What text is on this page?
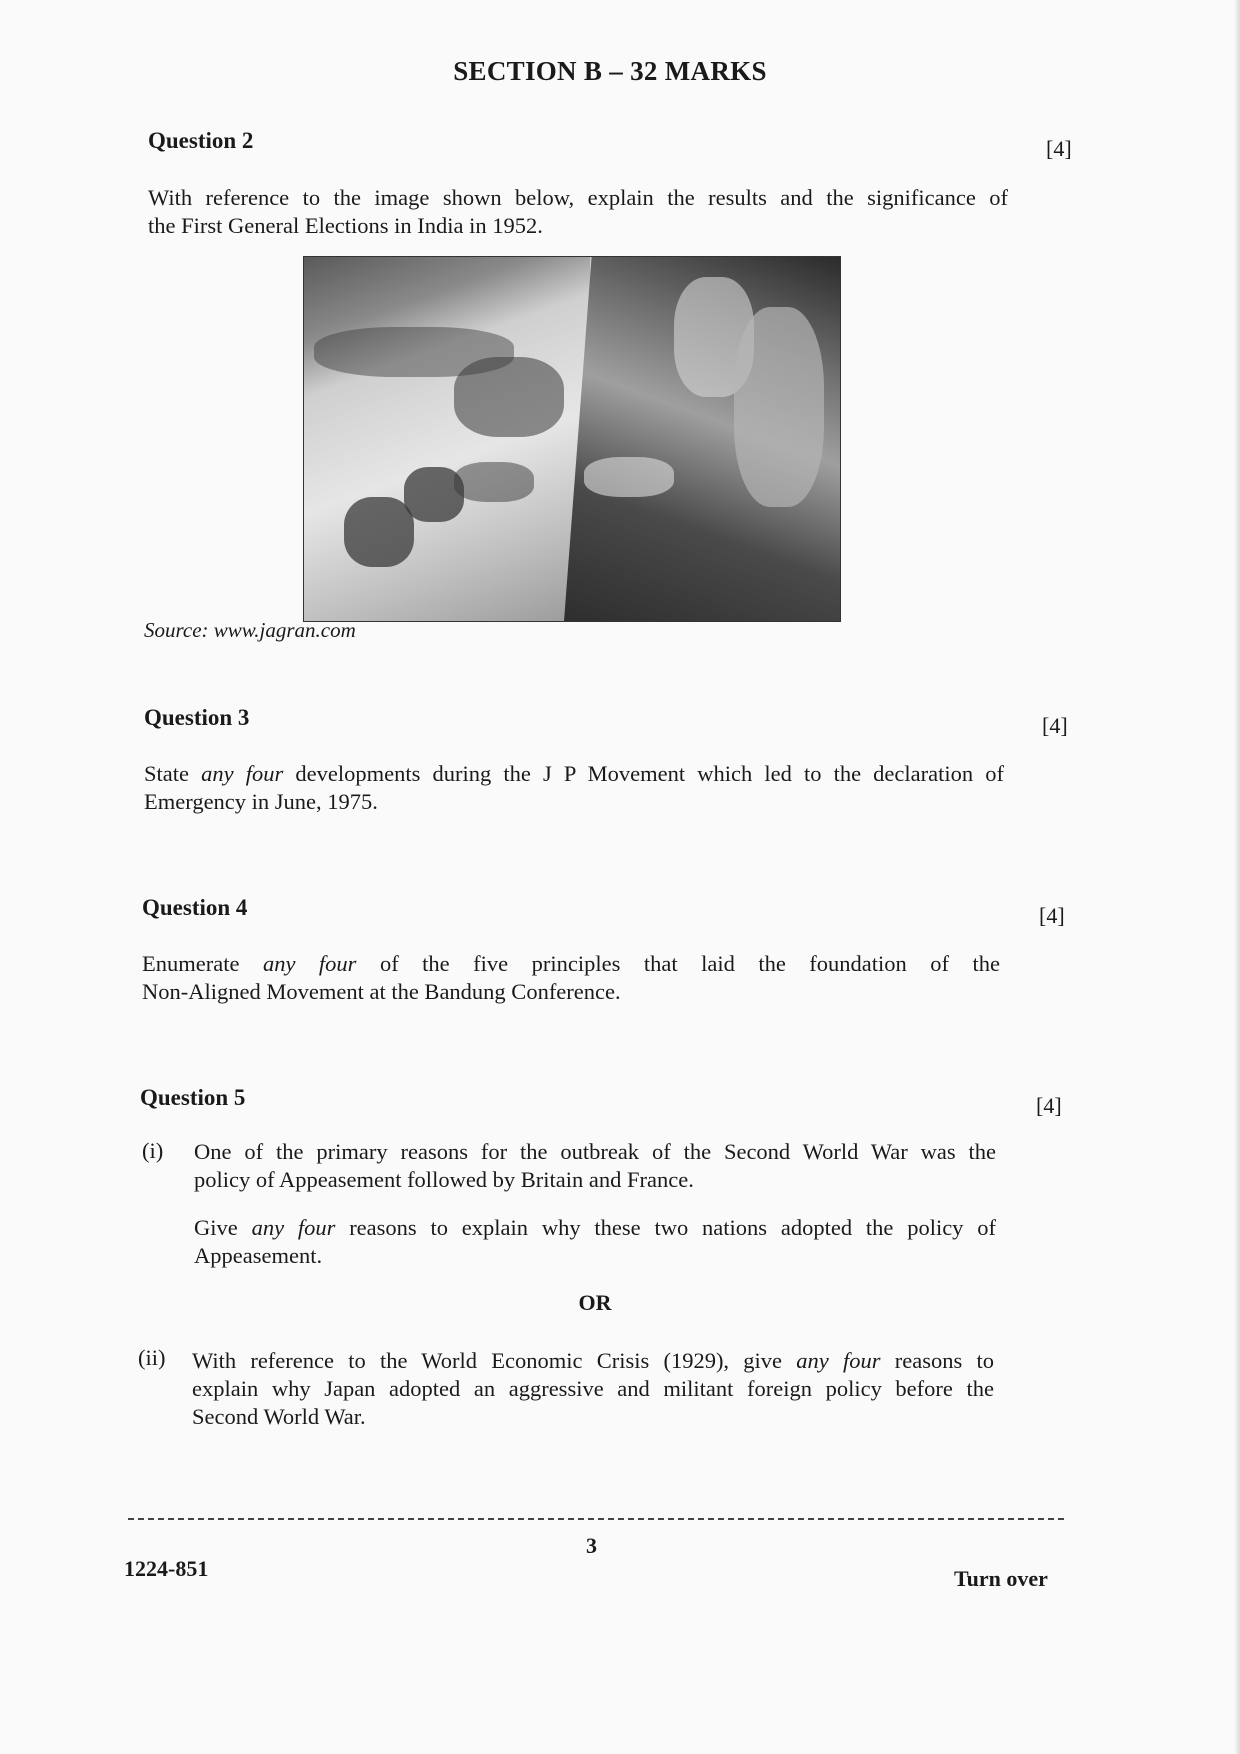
SECTION B – 32 MARKS
Question 2	[4]
With reference to the image shown below, explain the results and the significance of
the First General Elections in India in 1952.
Source: www.jagran.com
Question 3	[4]
State any four developments during the J P Movement which led to the declaration of
Emergency in June, 1975.
Question 4	[4]
Enumerate any four of the five principles that laid the foundation of the
Non-Aligned Movement at the Bandung Conference.
Question 5	[4]
(i) One of the primary reasons for the outbreak of the Second World War was the
policy of Appeasement followed by Britain and France.
Give any four reasons to explain why these two nations adopted the policy of
Appeasement.
OR
(ii) With reference to the World Economic Crisis (1929), give any four reasons to
explain why Japan adopted an aggressive and militant foreign policy before the
Second World War.
3
1224-851	Turn over
